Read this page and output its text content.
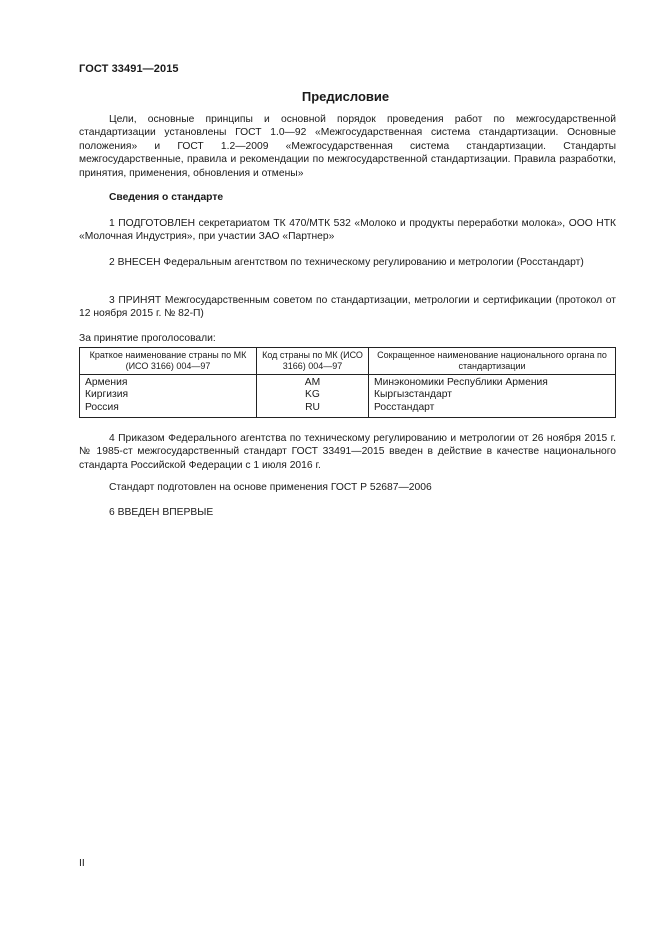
ГОСТ 33491—2015
Предисловие
Цели, основные принципы и основной порядок проведения работ по межгосударственной стандартизации установлены ГОСТ 1.0—92 «Межгосударственная система стандартизации. Основные положения» и ГОСТ 1.2—2009 «Межгосударственная система стандартизации. Стандарты межгосударственные, правила и рекомендации по межгосударственной стандартизации. Правила разработки, принятия, применения, обновления и отмены»
Сведения о стандарте
1 ПОДГОТОВЛЕН секретариатом ТК 470/МТК 532 «Молоко и продукты переработки молока», ООО НТК «Молочная Индустрия», при участии ЗАО «Партнер»
2 ВНЕСЕН Федеральным агентством по техническому регулированию и метрологии (Росстандарт)
3 ПРИНЯТ Межгосударственным советом по стандартизации, метрологии и сертификации (протокол от 12 ноября 2015 г. № 82-П)
За принятие проголосовали:
Краткое наименование страны по МК (ИСО 3166) 004—97	Код страны по МК (ИСО 3166) 004—97	Сокращенное наименование национального органа по стандартизации
Армения	AM	Минэкономики Республики Армения
Киргизия	KG	Кыргызстандарт
Россия	RU	Росстандарт
4 Приказом Федерального агентства по техническому регулированию и метрологии от 26 ноября 2015 г. № 1985-ст межгосударственный стандарт ГОСТ 33491—2015 введен в действие в качестве национального стандарта Российской Федерации с 1 июля 2016 г.
Стандарт подготовлен на основе применения ГОСТ Р 52687—2006
6 ВВЕДЕН ВПЕРВЫЕ
II
